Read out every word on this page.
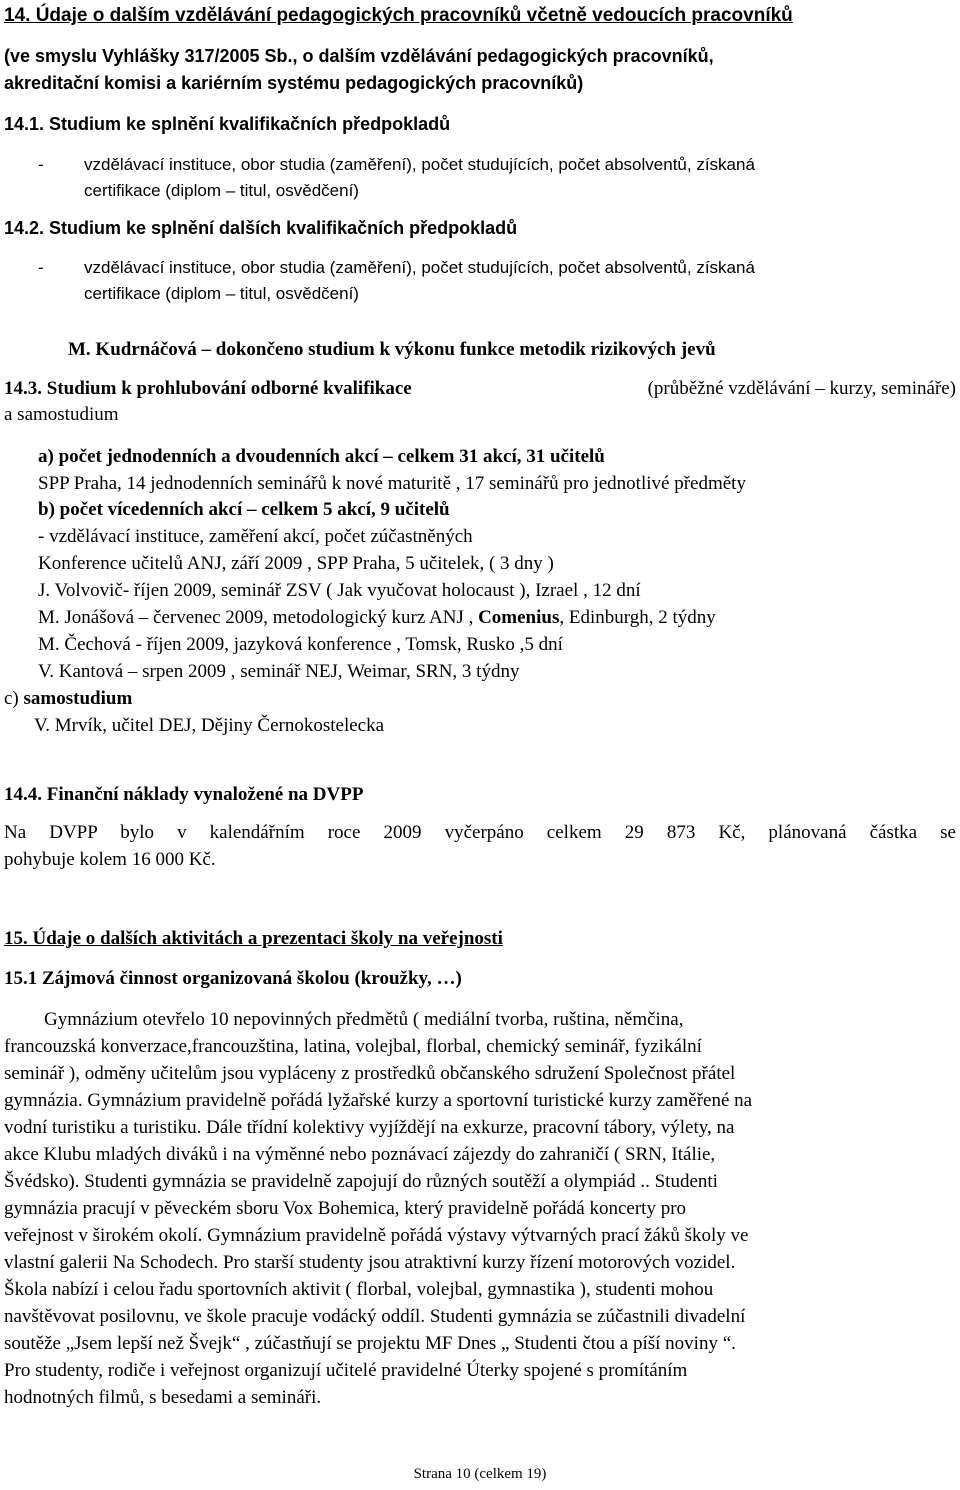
14. Údaje o dalším vzdělávání pedagogických pracovníků včetně vedoucích pracovníků
(ve smyslu Vyhlášky 317/2005 Sb., o dalším vzdělávání pedagogických pracovníků,
akreditační komisi a kariérním systému pedagogických pracovníků)
14.1. Studium ke splnění kvalifikačních předpokladů
- vzdělávací instituce, obor studia (zaměření), počet studujících, počet absolventů, získaná
certifikace (diplom – titul, osvědčení)
14.2. Studium ke splnění dalších kvalifikačních předpokladů
- vzdělávací instituce, obor studia (zaměření), počet studujících, počet absolventů, získaná
certifikace (diplom – titul, osvědčení)
M. Kudrnáčová – dokončeno studium k výkonu funkce metodik rizikových jevů
14.3. Studium k prohlubování odborné kvalifikace	(průběžné vzdělávání – kurzy, semináře)
a samostudium
a) počet jednodenních a dvoudenních akcí – celkem 31 akcí, 31 učitelů
SPP Praha, 14 jednodenních seminářů k nové maturitě , 17 seminářů pro jednotlivé předměty
b) počet vícedenních akcí – celkem 5 akcí, 9 učitelů
- vzdělávací instituce, zaměření akcí, počet zúčastněných
Konference učitelů ANJ, září 2009 , SPP Praha, 5 učitelek, ( 3 dny )
J. Volvovič- říjen 2009, seminář ZSV ( Jak vyučovat holocaust ), Izrael , 12 dní
M. Jonášová – červenec 2009, metodologický kurz ANJ , Comenius, Edinburgh, 2 týdny
M. Čechová - říjen 2009, jazyková konference , Tomsk, Rusko ,5 dní
V. Kantová – srpen 2009 , seminář NEJ, Weimar, SRN, 3 týdny
c) samostudium
V. Mrvík, učitel DEJ, Dějiny Černokostelecka
14.4. Finanční náklady vynaložené na DVPP
Na DVPP bylo v kalendářním roce 2009 vyčerpáno celkem 29 873 Kč, plánovaná částka se
pohybuje kolem 16 000 Kč.
15. Údaje o dalších aktivitách a prezentaci školy na veřejnosti
15.1 Zájmová činnost organizovaná školou (kroužky, …)
Gymnázium otevřelo 10 nepovinných předmětů ( mediální tvorba, ruština, němčina,
francouzská konverzace,francouzština, latina, volejbal, florbal, chemický seminář, fyzikální
seminář ), odměny učitelům jsou vypláceny z prostředků občanského sdružení Společnost přátel
gymnázia. Gymnázium pravidelně pořádá lyžařské kurzy a sportovní turistické kurzy zaměřené na
vodní turistiku a turistiku. Dále třídní kolektivy vyjíždějí na exkurze, pracovní tábory, výlety, na
akce Klubu mladých diváků i na výměnné nebo poznávací zájezdy do zahraničí ( SRN, Itálie,
Švédsko). Studenti gymnázia se pravidelně zapojují do různých soutěží a olympiád .. Studenti
gymnázia pracují v pěveckém sboru Vox Bohemica, který pravidelně pořádá koncerty pro
veřejnost v širokém okolí. Gymnázium pravidelně pořádá výstavy výtvarných prací žáků školy ve
vlastní galerii Na Schodech. Pro starší studenty jsou atraktivní kurzy řízení motorových vozidel.
Škola nabízí i celou řadu sportovních aktivit ( florbal, volejbal, gymnastika ), studenti mohou
navštěvovat posilovnu, ve škole pracuje vodácký oddíl. Studenti gymnázia se zúčastnili divadelní
soutěže „Jsem lepší než Švejk“ , zúčastňují se projektu MF Dnes „ Studenti čtou a píší noviny “.
Pro studenty, rodiče i veřejnost organizují učitelé pravidelné Úterky spojené s promítáním
hodnotných filmů, s besedami a semináři.
Strana 10 (celkem 19)
